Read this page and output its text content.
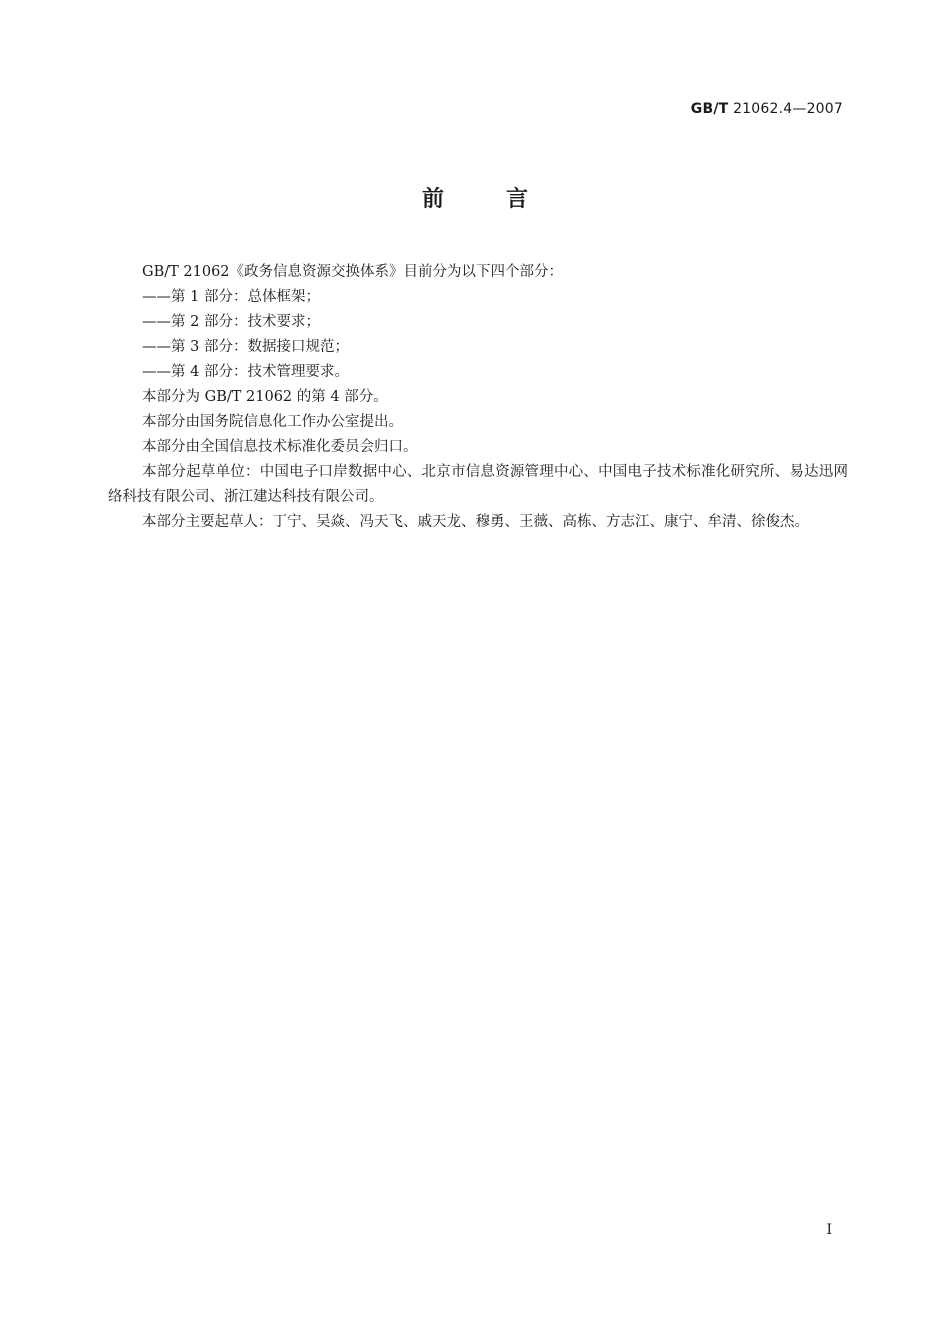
GB/T 21062.4—2007
前言

GB/T 21062《政务信息资源交换体系》目前分为以下四个部分：

——第 1 部分：总体框架；

——第 2 部分：技术要求；

——第 3 部分：数据接口规范；

——第 4 部分：技术管理要求。

本部分为 GB/T 21062 的第 4 部分。

本部分由国务院信息化工作办公室提出。

本部分由全国信息技术标准化委员会归口。

本部分起草单位：中国电子口岸数据中心、北京市信息资源管理中心、中国电子技术标准化研究所、易达迅网络科技有限公司、浙江建达科技有限公司。

本部分主要起草人：丁宁、吴焱、冯天飞、戚天龙、穆勇、王薇、高栋、方志江、康宁、牟清、徐俊杰。

I
